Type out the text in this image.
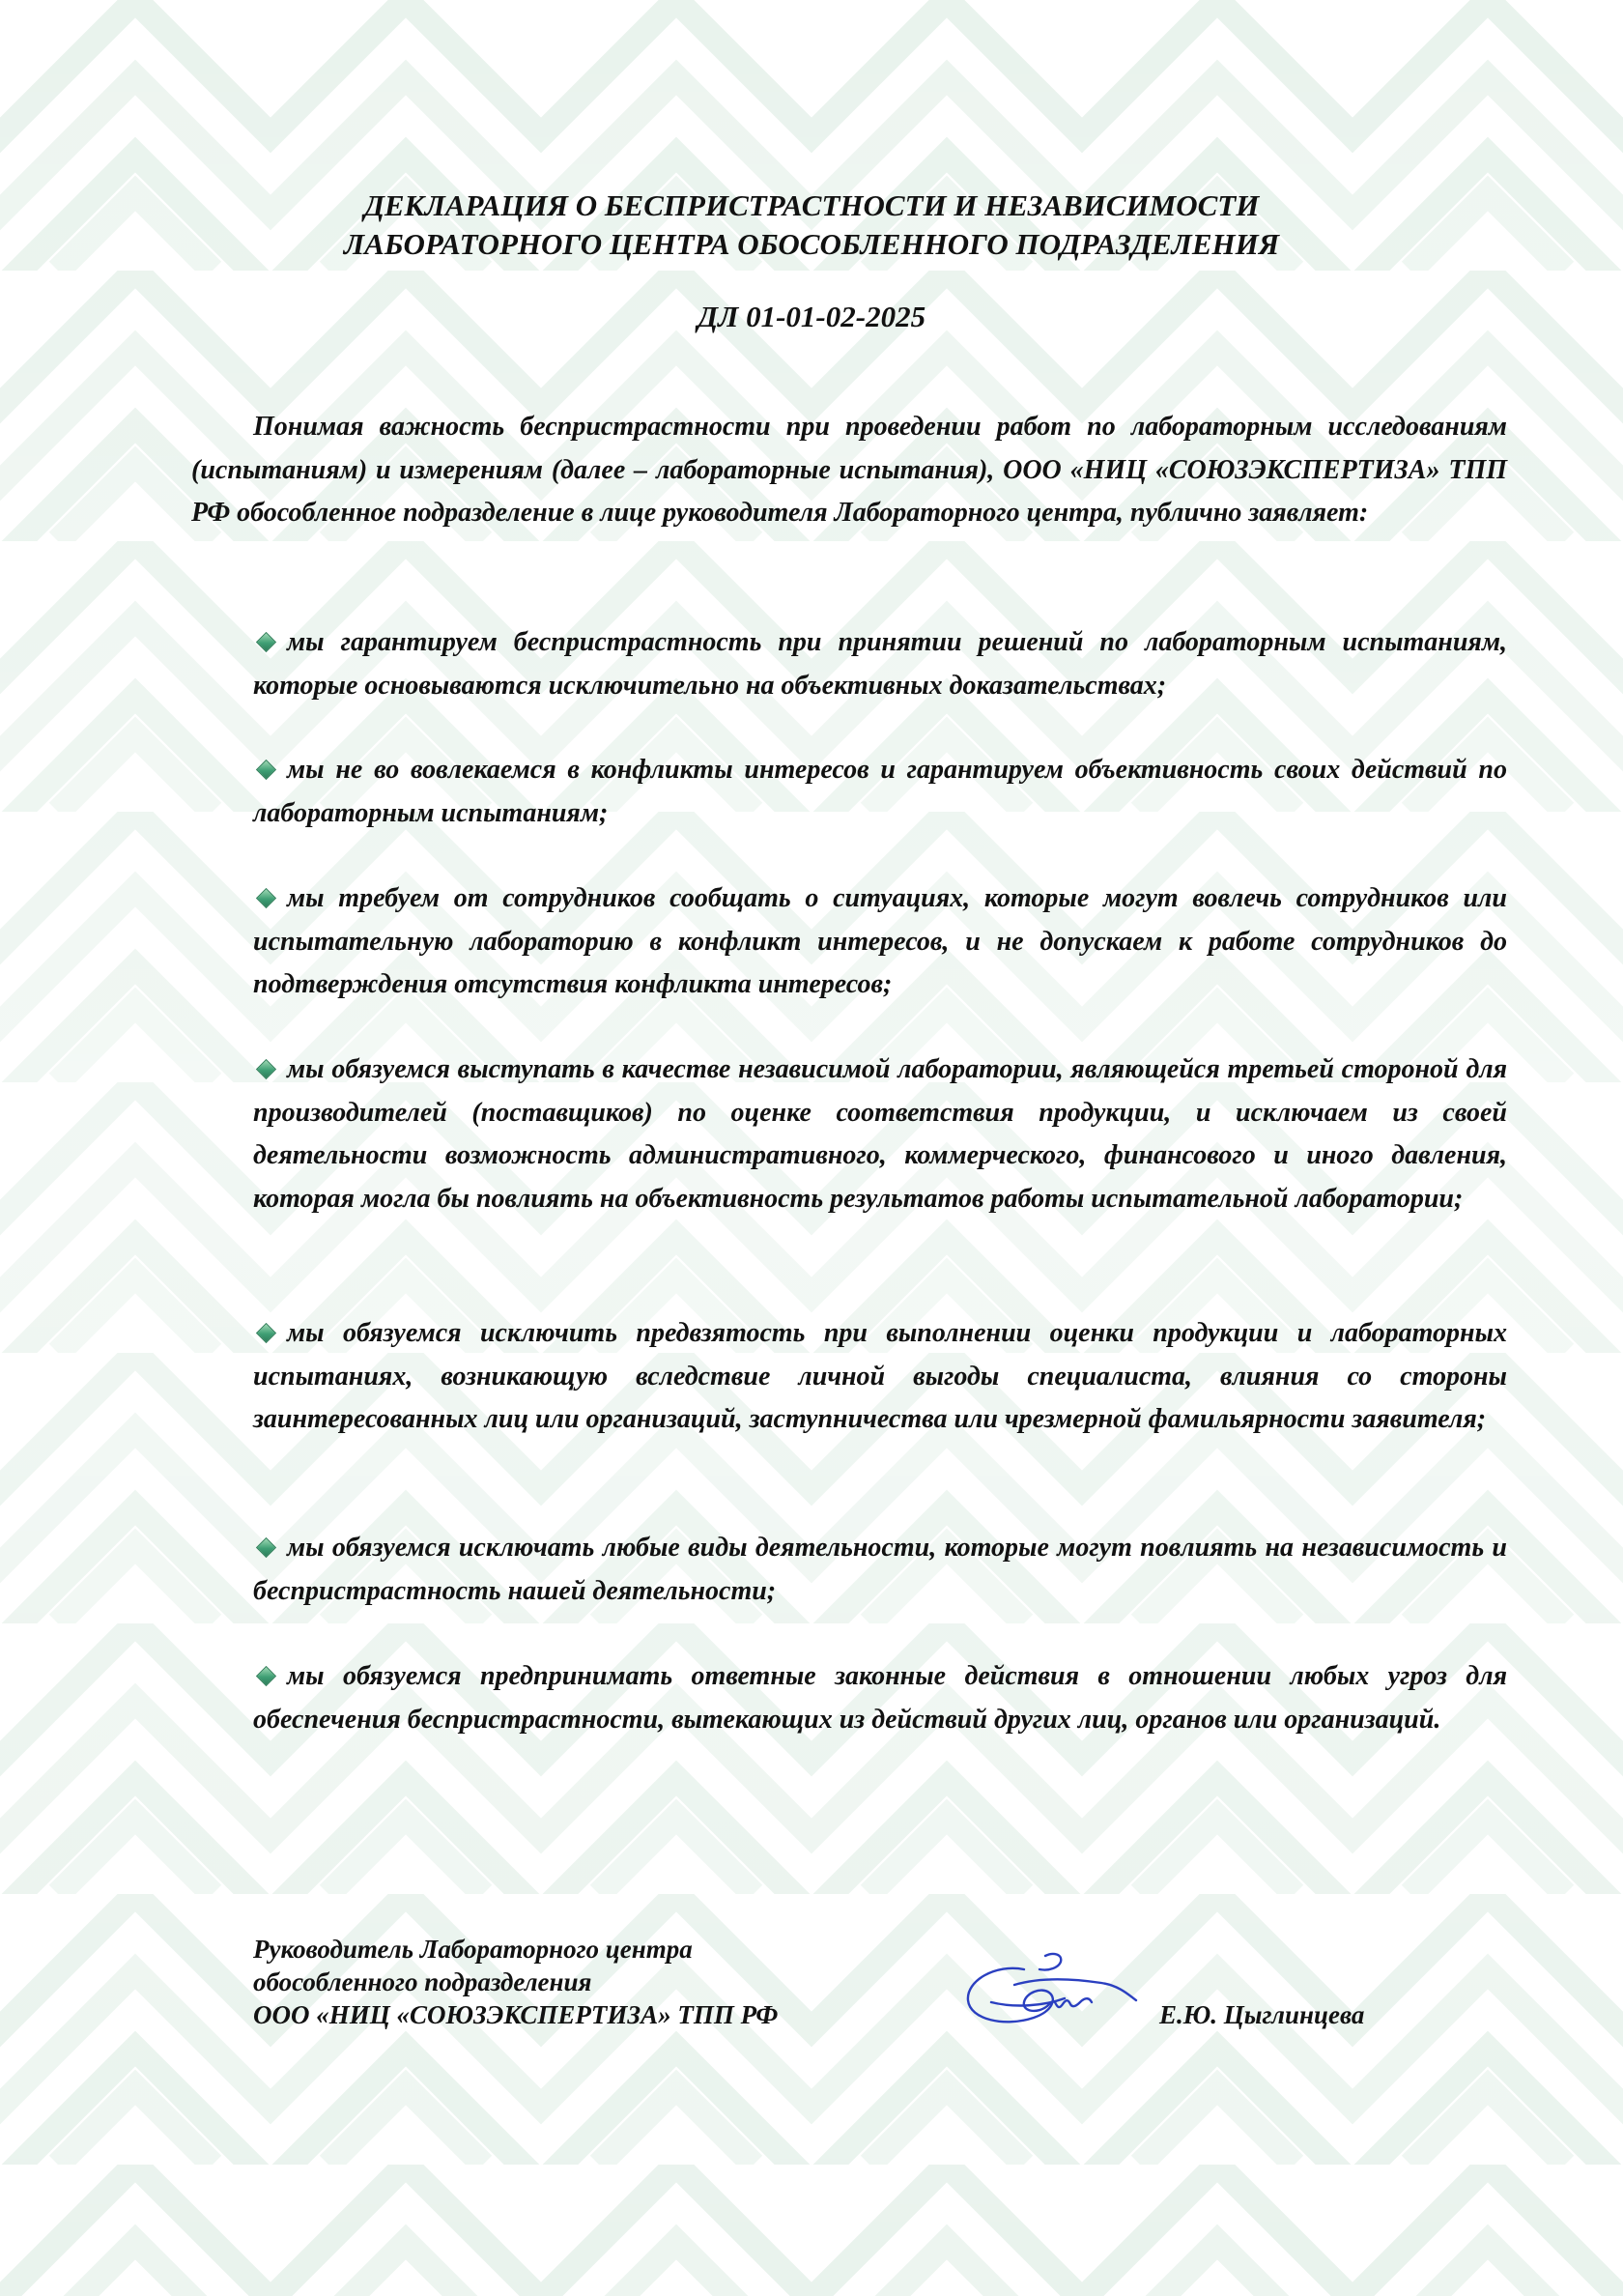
ДЕКЛАРАЦИЯ О БЕСПРИСТРАСТНОСТИ И НЕЗАВИСИМОСТИ
ЛАБОРАТОРНОГО ЦЕНТРА ОБОСОБЛЕННОГО ПОДРАЗДЕЛЕНИЯ
ДЛ 01-01-02-2025

Понимая важность беспристрастности при проведении работ по лабораторным исследованиям (испытаниям) и измерениям (далее – лабораторные испытания), ООО «НИЦ «СОЮЗЭКСПЕРТИЗА» ТПП РФ обособленное подразделение в лице руководителя Лабораторного центра, публично заявляет:

мы гарантируем беспристрастность при принятии решений по лабораторным испытаниям, которые основываются исключительно на объективных доказательствах;

мы не во вовлекаемся в конфликты интересов и гарантируем объективность своих действий по лабораторным испытаниям;

мы требуем от сотрудников сообщать о ситуациях, которые могут вовлечь сотрудников или испытательную лабораторию в конфликт интересов, и не допускаем к работе сотрудников до подтверждения отсутствия конфликта интересов;

мы обязуемся выступать в качестве независимой лаборатории, являющейся третьей стороной для производителей (поставщиков) по оценке соответствия продукции, и исключаем из своей деятельности возможность административного, коммерческого, финансового и иного давления, которая могла бы повлиять на объективность результатов работы испытательной лаборатории;

мы обязуемся исключить предвзятость при выполнении оценки продукции и лабораторных испытаниях, возникающую вследствие личной выгоды специалиста, влияния со стороны заинтересованных лиц или организаций, заступничества или чрезмерной фамильярности заявителя;

мы обязуемся исключать любые виды деятельности, которые могут повлиять на независимость и беспристрастность нашей деятельности;

мы обязуемся предпринимать ответные законные действия в отношении любых угроз для обеспечения беспристрастности, вытекающих из действий других лиц, органов или организаций.

Руководитель Лабораторного центра
обособленного подразделения
ООО «НИЦ «СОЮЗЭКСПЕРТИЗА» ТПП РФ	Е.Ю. Цыглинцева
